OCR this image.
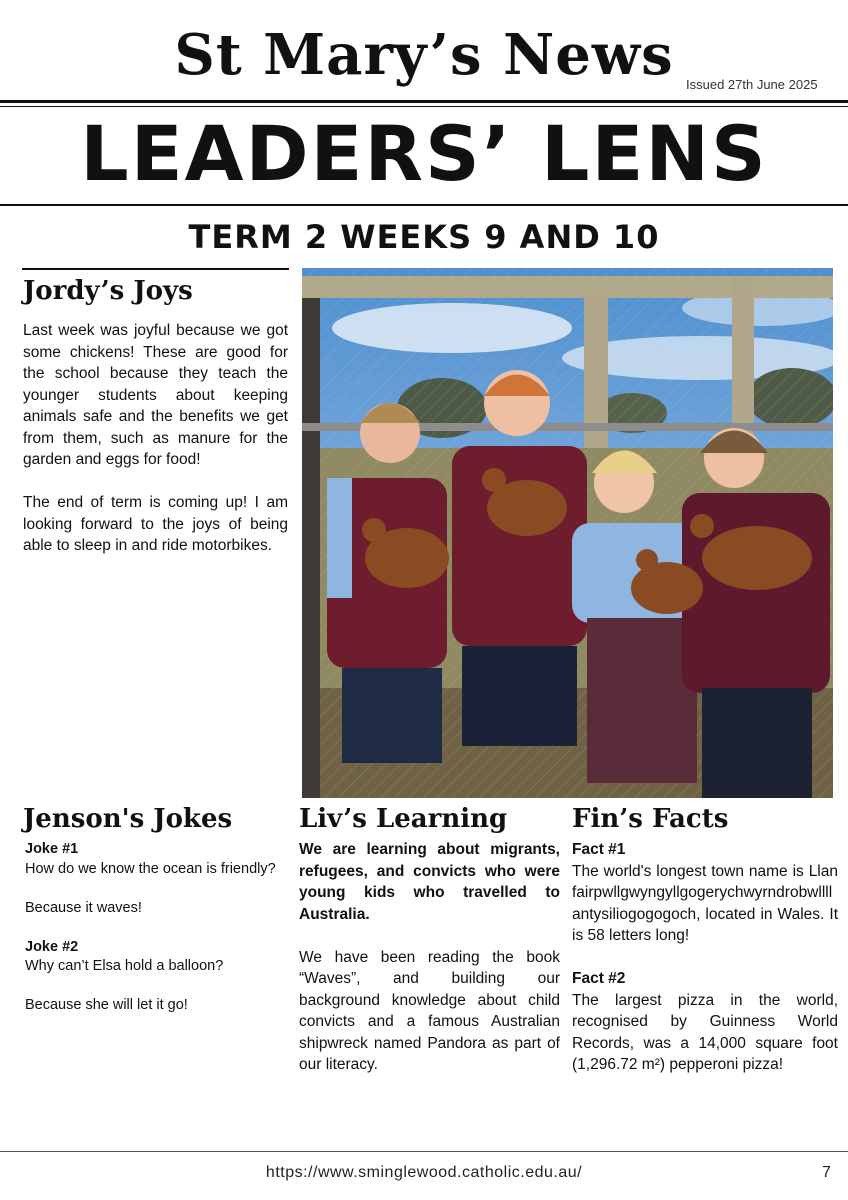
St Mary’s News Issued 27th June 2025
LEADERS’ LENS
TERM 2 WEEKS 9 AND 10
Jordy’s Joys

Last week was joyful because we got some chickens! These are good for the school because they teach the younger students about keeping animals safe and the benefits we get from them, such as manure for the garden and eggs for food!

The end of term is coming up! I am looking forward to the joys of being able to sleep in and ride motorbikes.

Jenson's Jokes

Joke #1

How do we know the ocean is friendly?

Because it waves!

Joke #2

Why can’t Elsa hold a balloon?

Because she will let it go!

Liv’s Learning

We are learning about migrants, refugees, and convicts who were young kids who travelled to Australia.

We have been reading the book “Waves”, and building our background knowledge about child convicts and a famous Australian shipwreck named Pandora as part of our literacy.

Fin’s Facts

Fact #1

The world's longest town name is Llanfairpwllgwyngyllgogerychwyrndrobwllllantysiliogogogoch, located in Wales. It is 58 letters long!

Fact #2

The largest pizza in the world, recognised by Guinness World Records, was a 14,000 square foot (1,296.72 m²) pepperoni pizza!

https://www.sminglewood.catholic.edu.au/	7
